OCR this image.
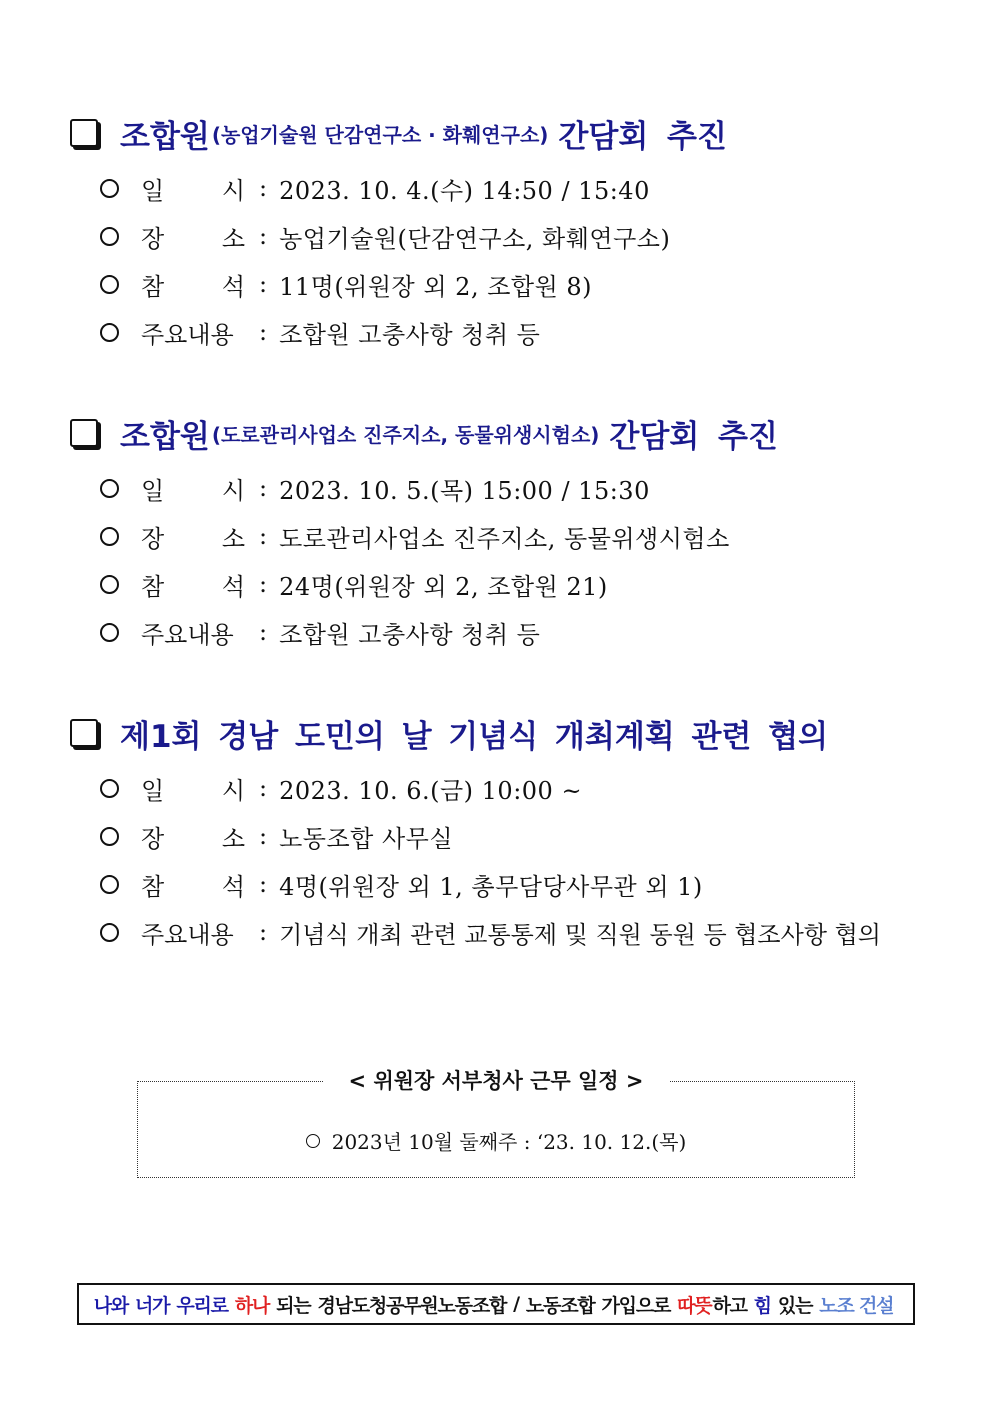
조합원 (농업기술원 단감연구소 · 화훼연구소) 간담회 추진
일 시 : 2023. 10. 4.(수) 14:50 / 15:40
장 소 : 농업기술원(단감연구소, 화훼연구소)
참 석 : 11명(위원장 외 2, 조합원 8)
주요내용 : 조합원 고충사항 청취 등
조합원 (도로관리사업소 진주지소, 동물위생시험소) 간담회 추진
일 시 : 2023. 10. 5.(목) 15:00 / 15:30
장 소 : 도로관리사업소 진주지소, 동물위생시험소
참 석 : 24명(위원장 외 2, 조합원 21)
주요내용 : 조합원 고충사항 청취 등
제1회 경남 도민의 날 기념식 개최계획 관련 협의
일 시 : 2023. 10. 6.(금) 10:00 ~
장 소 : 노동조합 사무실
참 석 : 4명(위원장 외 1, 총무담당사무관 외 1)
주요내용 : 기념식 개최 관련 교통통제 및 직원 동원 등 협조사항 협의
< 위원장 서부청사 근무 일정 >
2023년 10월 둘째주 : ‘23. 10. 12.(목)
나와 너가 우리로 하나 되는 경남도청공무원노동조합 / 노동조합 가입으로 따뜻 하고 힘 있는 노조 건설
